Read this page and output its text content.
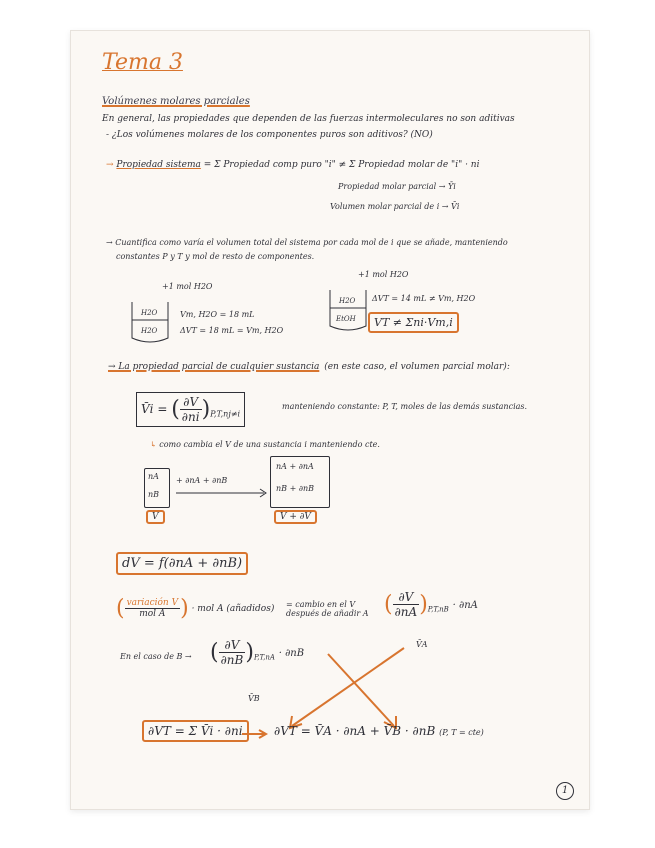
Tema 3
Volúmenes molares parciales
En general, las propiedades que dependen de las fuerzas intermoleculares no son aditivas
- ¿Los volúmenes molares de los componentes puros son aditivos? (NO)
→ Propiedad sistema = Σ Propiedad comp puro "i" ≠ Σ Propiedad molar de "i" · ni
Propiedad molar parcial → Ȳi
Volumen molar parcial de i → V̄i
→ Cuantifica como varía el volumen total del sistema por cada mol de i que se añade, manteniendo
constantes P y T y mol de resto de componentes.
+1 mol H2O
H2O
H2O
Vm, H2O = 18 mL
ΔVT = 18 mL = Vm, H2O
+1 mol H2O
H2O
EtOH
ΔVT = 14 mL ≠ Vm, H2O
VT ≠ Σni·Vm,i
→ La propiedad parcial de cualquier sustancia (en este caso, el volumen parcial molar):
V̄i = ( $\frac{\partial V}{\partial ni} )_{P,T,nj\ne i}$
manteniendo constante: P, T, moles de las demás sustancias.
↳ como cambia el V de una sustancia i manteniendo cte.
nA
nB
V
+ ∂nA + ∂nB
nA + ∂nA
nB + ∂nB
V + ∂V
dV = f(∂nA + ∂nB)
( $\frac{\text{variación V}}{\text{mol A}}$ ) · mol A (añadidos) = cambio en el V después de añadir A ( $\frac{\partial V}{\partial nA} )_{P,T,nB} \cdot \partial nA$
V̄A
En el caso de B → ( $\frac{\partial V}{\partial nB} )_{P,T,nA} \cdot \partial nB$
V̄B
∂VT = Σ V̄i · ∂ni	∂VT = V̄A · ∂nA + V̄B · ∂nB (P, T = cte)
1
